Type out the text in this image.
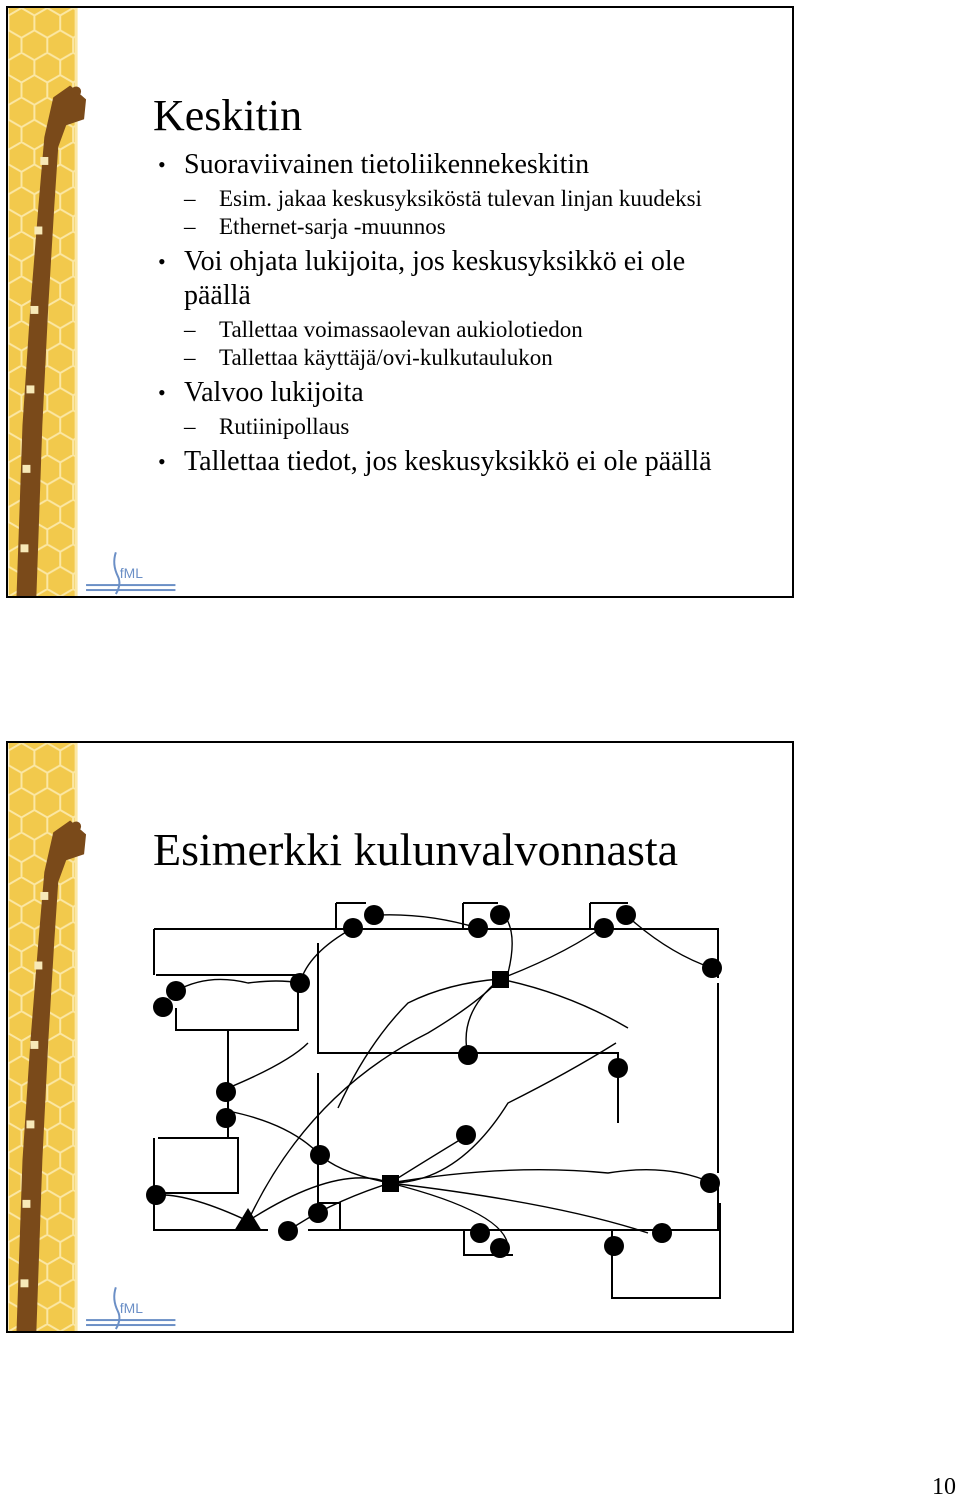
fML
Keskitin
• Suoraviivainen tietoliikennekeskitin
– Esim. jakaa keskusyksiköstä tulevan linjan kuudeksi
– Ethernet-sarja -muunnos
• Voi ohjata lukijoita, jos keskusyksikkö ei ole päällä
– Tallettaa voimassaolevan aukiolotiedon
– Tallettaa käyttäjä/ovi-kulkutaulukon
• Valvoo lukijoita
– Rutiinipollaus
• Tallettaa tiedot, jos keskusyksikkö ei ole päällä
fML
Esimerkki kulunvalvonnasta
10
